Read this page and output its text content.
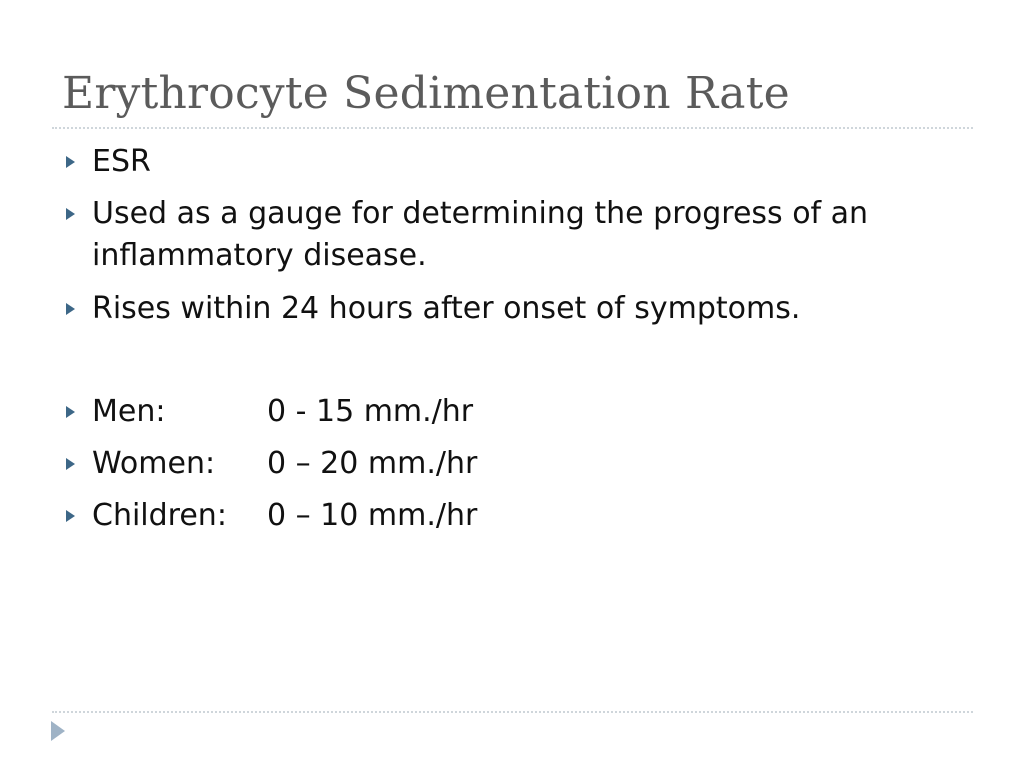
Erythrocyte Sedimentation Rate
ESR
Used as a gauge for determining the progress of an
inflammatory disease.
Rises within 24 hours after onset of symptoms.
Men:	0 - 15 mm./hr
Women: 0 – 20 mm./hr
Children: 0 – 10 mm./hr
